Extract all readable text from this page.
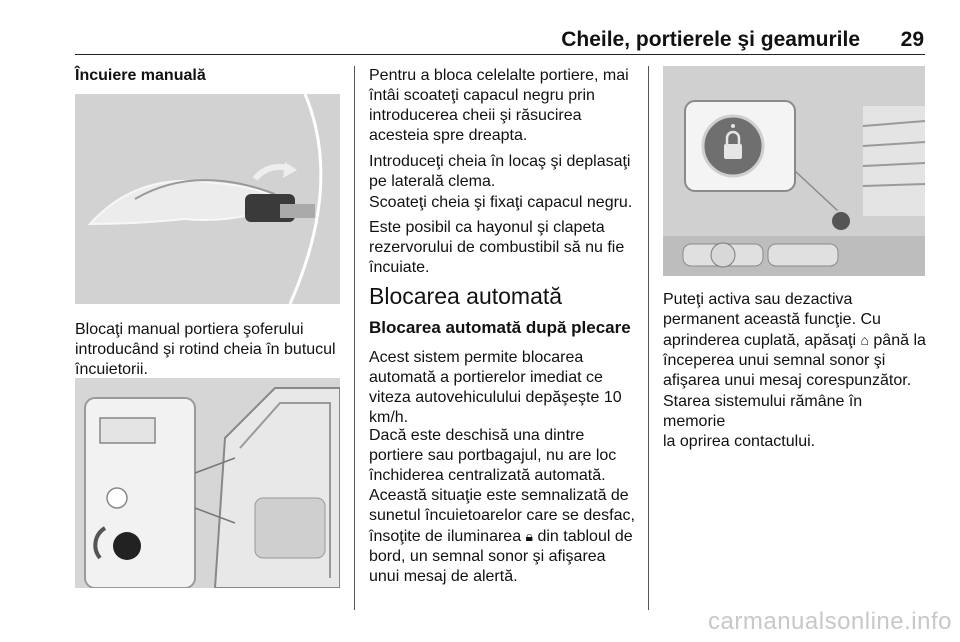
Cheile, portierele şi geamurile	29
Încuiere manuală

Blocaţi manual portiera şoferului

introducând şi rotind cheia în butucul

încuietorii.

Pentru a bloca celelalte portiere, mai

întâi scoateţi capacul negru prin

introducerea cheii şi răsucirea

acesteia spre dreapta.

Introduceţi cheia în locaş şi deplasaţi

pe laterală clema.

Scoateţi cheia şi fixaţi capacul negru.

Este posibil ca hayonul şi clapeta

rezervorului de combustibil să nu fie

încuiate.

Blocarea automată
Blocarea automată după plecare

Acest sistem permite blocarea

automată a portierelor imediat ce

viteza autovehiculului depăşeşte 10

km/h.

Dacă este deschisă una dintre

portiere sau portbagajul, nu are loc

închiderea centralizată automată.

Această situaţie este semnalizată de

sunetul încuietoarelor care se desfac,

însoţite de iluminarea 🔒︎ din tabloul de

bord, un semnal sonor şi afişarea

unui mesaj de alertă.

Puteţi activa sau dezactiva

permanent această funcţie. Cu

aprinderea cuplată, apăsaţi ⌂ până la

începerea unui semnal sonor şi

afişarea unui mesaj corespunzător.

Starea sistemului rămâne în memorie

la oprirea contactului.

carmanualsonline.info
